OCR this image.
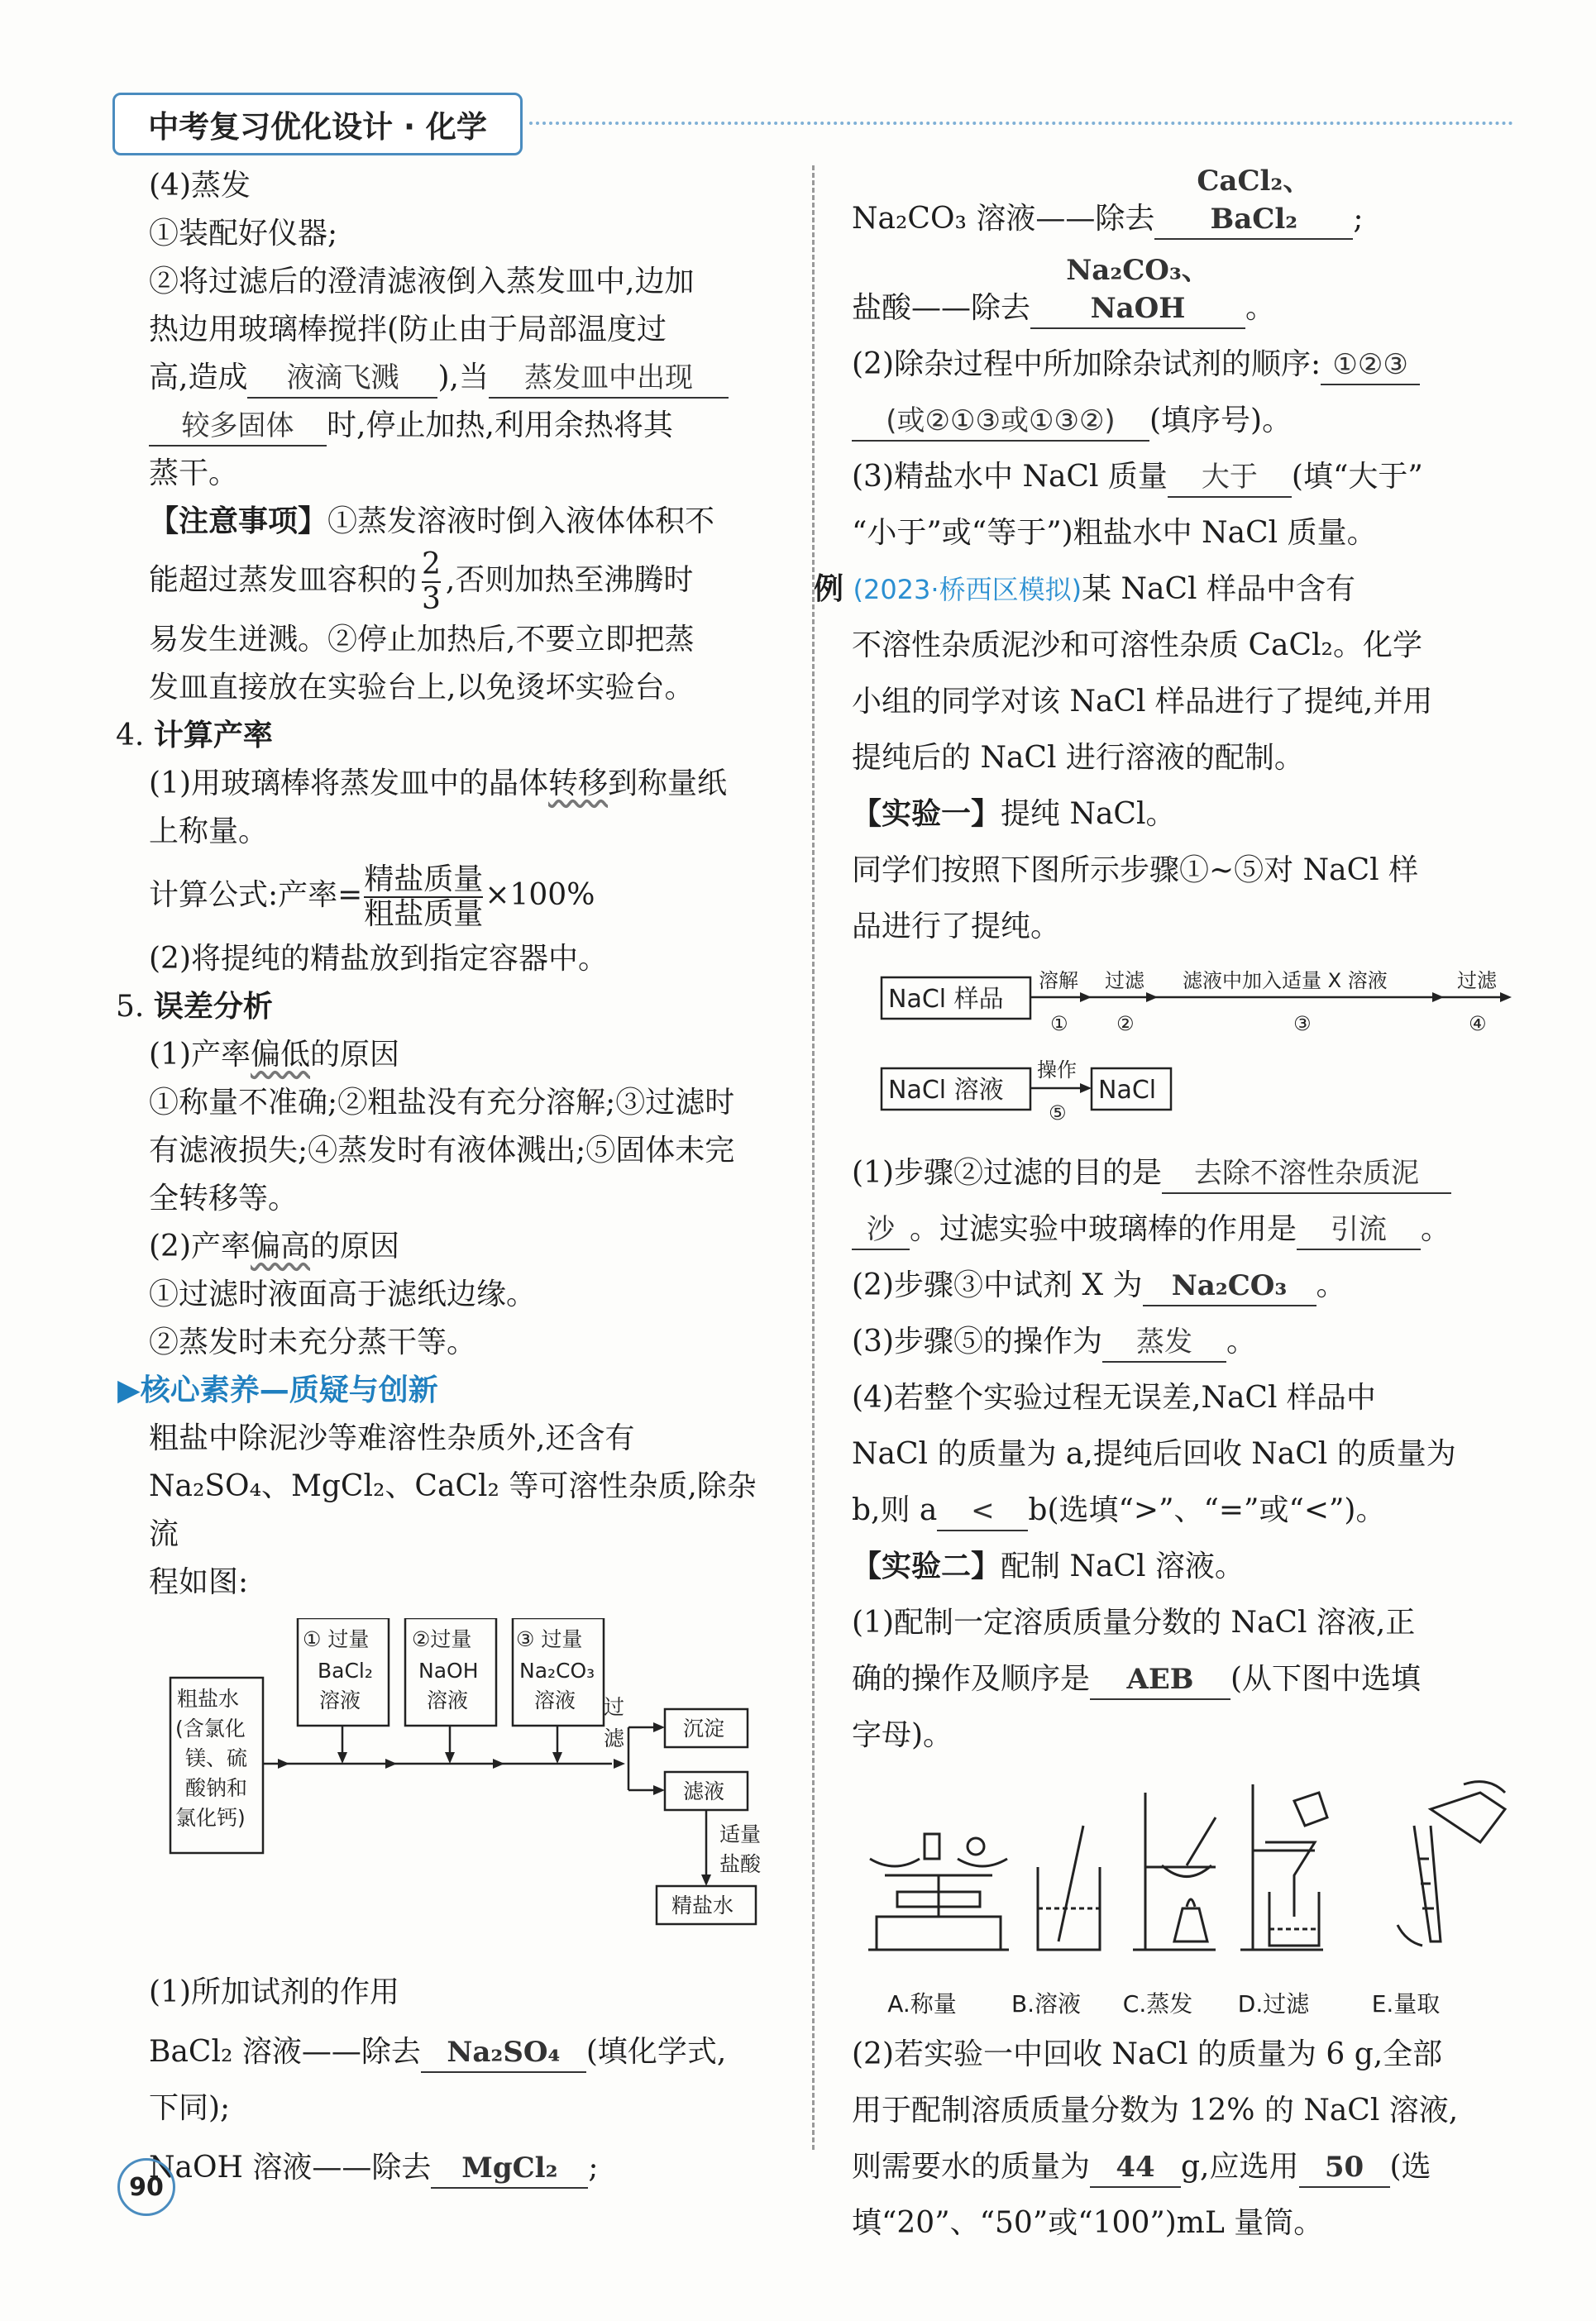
中考复习优化设计 · 化学

(4)蒸发

①装配好仪器;

②将过滤后的澄清滤液倒入蒸发皿中,边加

热边用玻璃棒搅拌(防止由于局部温度过

高,造成 液滴飞溅 ),当 蒸发皿中出现

较多固体 时,停止加热,利用余热将其

蒸干。

【注意事项】①蒸发溶液时倒入液体体积不

能超过蒸发皿容积的 $\frac{2}{3}$ ,否则加热至沸腾时

易发生迸溅。②停止加热后,不要立即把蒸

发皿直接放在实验台上,以免烫坏实验台。

4. 计算产率

(1)用玻璃棒将蒸发皿中的晶体转移到称量纸

上称量。

计算公式:产率= $\frac{\text{精盐质量}}{\text{粗盐质量}} \times 100\%$

(2)将提纯的精盐放到指定容器中。

5. 误差分析

(1)产率偏低的原因

①称量不准确;②粗盐没有充分溶解;③过滤时

有滤液损失;④蒸发时有液体溅出;⑤固体未完

全转移等。

(2)产率偏高的原因

①过滤时液面高于滤纸边缘。

②蒸发时未充分蒸干等。

▶核心素养—质疑与创新

粗盐中除泥沙等难溶性杂质外,还含有

Na₂SO₄、MgCl₂、CaCl₂ 等可溶性杂质,除杂流

程如图:

粗盐水
(含氯化
镁、硫
酸钠和
氯化钙)
① 过量
BaCl₂
溶液
②过量
NaOH
溶液
③ 过量
Na₂CO₃
溶液 过
滤	沉淀
滤液
适量
盐酸
精盐水

(1)所加试剂的作用

BaCl₂ 溶液——除去 Na₂SO₄ (填化学式,

下同);

NaOH 溶液——除去 MgCl₂ ;

Na₂CO₃ 溶液——除去CaCl₂、BaCl₂ ;

盐酸——除去Na₂CO₃、NaOH 。

(2)除杂过程中所加除杂试剂的顺序: ①②③

(或②①③或①③②) (填序号)。

(3)精盐水中 NaCl 质量 大于 (填“大于”

“小于”或“等于”)粗盐水中 NaCl 质量。

例 (2023·桥西区模拟)某 NaCl 样品中含有

不溶性杂质泥沙和可溶性杂质 CaCl₂。化学

小组的同学对该 NaCl 样品进行了提纯,并用

提纯后的 NaCl 进行溶液的配制。

【实验一】提纯 NaCl。

同学们按照下图所示步骤①~⑤对 NaCl 样

品进行了提纯。

NaCl 样品
NaCl 溶液	NaCl
溶解
①
过滤
②
滤液中加入适量 X 溶液
③
过滤
④
操作
⑤

(1)步骤②过滤的目的是 去除不溶性杂质泥

沙 。过滤实验中玻璃棒的作用是 引流 。

(2)步骤③中试剂 X 为 Na₂CO₃ 。

(3)步骤⑤的操作为 蒸发 。

(4)若整个实验过程无误差,NaCl 样品中

NaCl 的质量为 a,提纯后回收 NaCl 的质量为

b,则 a < b(选填“>”、“=”或“<”)。

【实验二】配制 NaCl 溶液。

(1)配制一定溶质质量分数的 NaCl 溶液,正

确的操作及顺序是 AEB (从下图中选填

字母)。

A.称量	B.溶液	C.蒸发	D.过滤	E.量取

(2)若实验一中回收 NaCl 的质量为 6 g,全部

用于配制溶质质量分数为 12% 的 NaCl 溶液,

则需要水的质量为 44 g,应选用 50 (选

填“20”、“50”或“100”)mL 量筒。

90
